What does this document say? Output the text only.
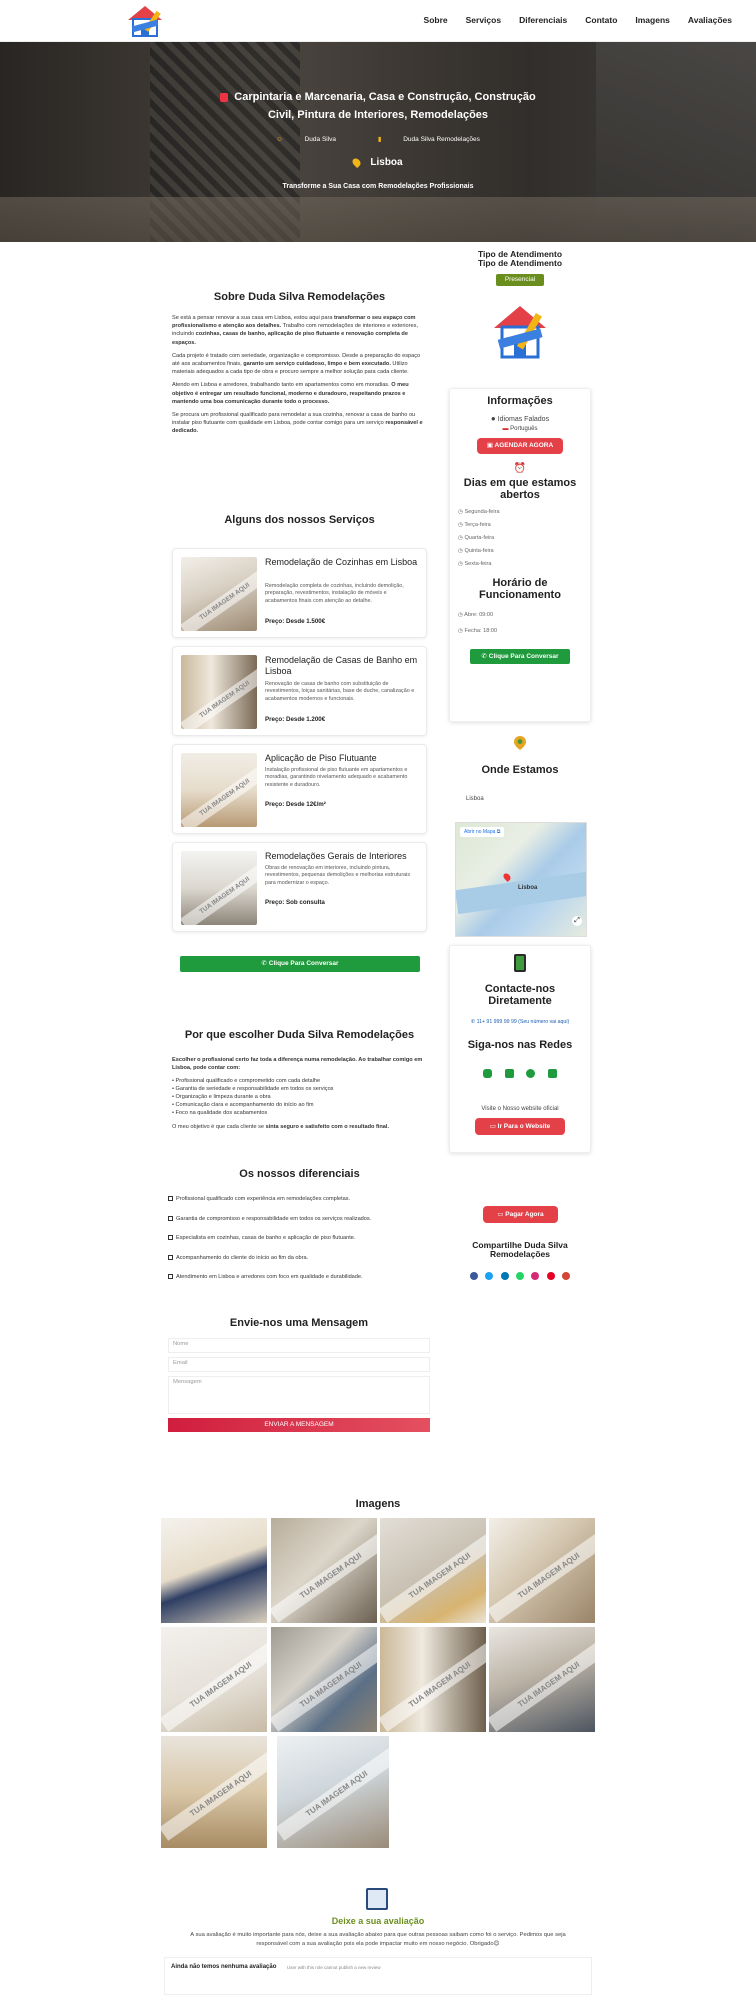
Sobre Serviços Diferenciais Contato Imagens Avaliações
Carpintaria e Marcenaria, Casa e Construção, Construção Civil, Pintura de Interiores, Remodelações
☺	Duda Silva	▮	Duda Silva Remodelações
Lisboa
Transforme a Sua Casa com Remodelações Profissionais
Sobre Duda Silva Remodelações

Se está a pensar renovar a sua casa em Lisboa, estou aqui para transformar o seu espaço com profissionalismo e atenção aos detalhes. Trabalho com remodelações de interiores e exteriores, incluindo cozinhas, casas de banho, aplicação de piso flutuante e renovação completa de espaços.

Cada projeto é tratado com seriedade, organização e compromisso. Desde a preparação do espaço até aos acabamentos finais, garanto um serviço cuidadoso, limpo e bem executado. Utilizo materiais adequados a cada tipo de obra e procuro sempre a melhor solução para cada cliente.

Atendo em Lisboa e arredores, trabalhando tanto em apartamentos como em moradias. O meu objetivo é entregar um resultado funcional, moderno e duradouro, respeitando prazos e mantendo uma boa comunicação durante todo o processo.

Se procura um profissional qualificado para remodelar a sua cozinha, renovar a casa de banho ou instalar piso flutuante com qualidade em Lisboa, pode contar comigo para um serviço responsável e dedicado.

Alguns dos nossos Serviços
TUA IMAGEM AQUI
Remodelação de Cozinhas em Lisboa
Remodelação completa de cozinhas, incluindo demolição, preparação, revestimentos, instalação de móveis e acabamentos finais com atenção ao detalhe.
Preço: Desde 1.500€
TUA IMAGEM AQUI
Remodelação de Casas de Banho em Lisboa
Renovação de casas de banho com substituição de revestimentos, loiças sanitárias, base de duche, canalização e acabamentos modernos e funcionais.
Preço: Desde 1.200€
TUA IMAGEM AQUI
Aplicação de Piso Flutuante
Instalação profissional de piso flutuante em apartamentos e moradias, garantindo nivelamento adequado e acabamento resistente e duradouro.
Preço: Desde 12€/m²
TUA IMAGEM AQUI
Remodelações Gerais de Interiores
Obras de renovação em interiores, incluindo pintura, revestimentos, pequenas demolições e melhorias estruturais para modernizar o espaço.
Preço: Sob consulta
✆ Clique Para Conversar
Por que escolher Duda Silva Remodelações

Escolher o profissional certo faz toda a diferença numa remodelação. Ao trabalhar comigo em Lisboa, pode contar com:

• Profissional qualificado e comprometido com cada detalhe
• Garantia de seriedade e responsabilidade em todos os serviços
• Organização e limpeza durante a obra
• Comunicação clara e acompanhamento do início ao fim
• Foco na qualidade dos acabamentos

O meu objetivo é que cada cliente se sinta seguro e satisfeito com o resultado final.

Os nossos diferenciais
Profissional qualificado com experiência em remodelações completas.
Garantia de compromisso e responsabilidade em todos os serviços realizados.
Especialista em cozinhas, casas de banho e aplicação de piso flutuante.
Acompanhamento do cliente do início ao fim da obra.
Atendimento em Lisboa e arredores com foco em qualidade e durabilidade.
Envie-nos uma Mensagem
Nome
Email
Mensagem
ENVIAR A MENSAGEM
Tipo de Atendimento
Tipo de Atendimento
Presencial
Informações
● Idiomas Falados
▬ Português
▣ AGENDAR AGORA
⏰
Dias em que estamos abertos
◷ Segunda-feira
◷ Terça-feira
◷ Quarta-feira
◷ Quinta-feira
◷ Sexta-feira
Horário de Funcionamento
◷ Abre: 09:00
◷ Fecha: 18:00
✆ Clique Para Conversar
Onde Estamos
Lisboa
Abrir no Mapa ⧉
Lisboa
⤢
Contacte-nos Diretamente
✆ 11+ 91 999 99 99 (Seu número vai aqui)
Siga-nos nas Redes

Visite o Nosso website oficial
▭ Ir Para o Website
▭ Pagar Agora
Compartilhe Duda Silva Remodelações

Imagens
TUA IMAGEM AQUI	TUA IMAGEM AQUI	TUA IMAGEM AQUI
TUA IMAGEM AQUI	TUA IMAGEM AQUI	TUA IMAGEM AQUI	TUA IMAGEM AQUI
TUA IMAGEM AQUI	TUA IMAGEM AQUI
Deixe a sua avaliação
A sua avaliação é muito importante para nós, deixe a sua avaliação abaixo para que outras pessoas saibam como foi o serviço. Pedimos que seja responsável com a sua avaliação pois ela pode impactar muito em nosso negócio. Obrigado😊
Ainda não temos nenhuma avaliação User with this role cannot publish a new review
